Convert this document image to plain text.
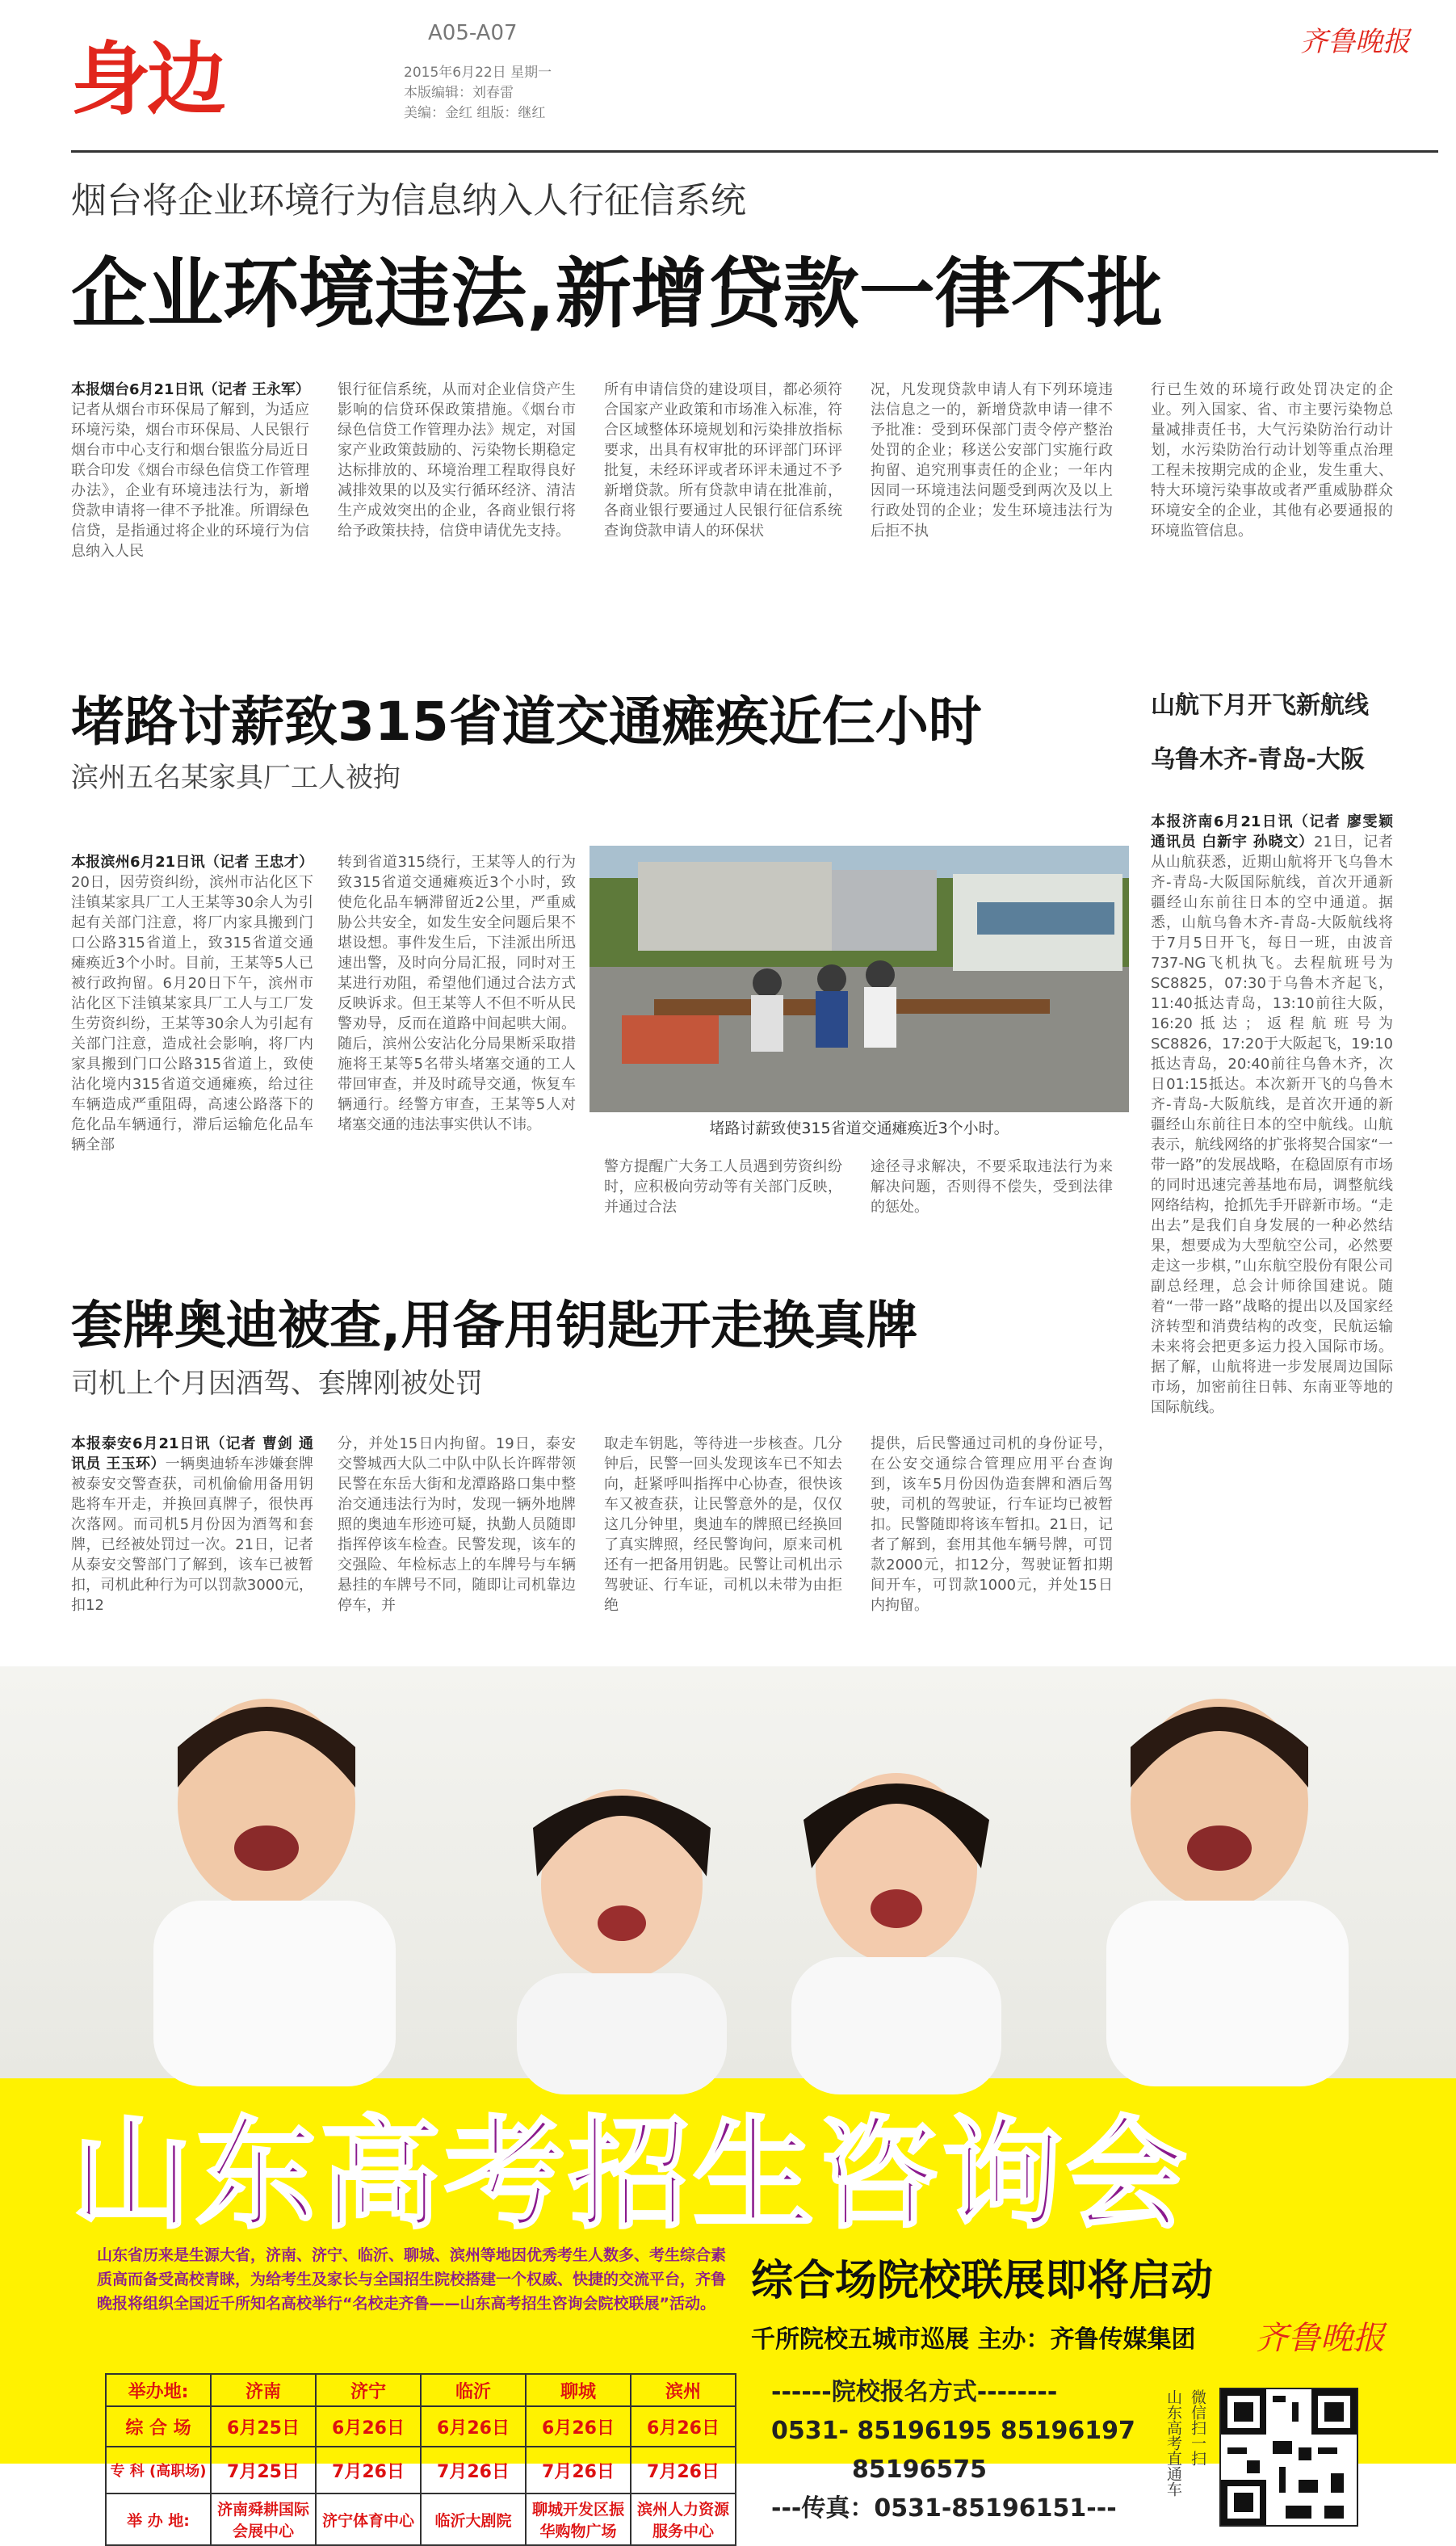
身边	A05-A07
2015年6月22日 星期一
本版编辑：刘春雷
美编：金红 组版：继红
齐鲁晚报
烟台将企业环境行为信息纳入人行征信系统
企业环境违法,新增贷款一律不批
本报烟台6月21日讯（记者 王永军）记者从烟台市环保局了解到，为适应环境污染，烟台市环保局、人民银行烟台市中心支行和烟台银监分局近日联合印发《烟台市绿色信贷工作管理办法》，企业有环境违法行为，新增贷款申请将一律不予批准。所谓绿色信贷，是指通过将企业的环境行为信息纳入人民
银行征信系统，从而对企业信贷产生影响的信贷环保政策措施。《烟台市绿色信贷工作管理办法》规定，对国家产业政策鼓励的、污染物长期稳定达标排放的、环境治理工程取得良好减排效果的以及实行循环经济、清洁生产成效突出的企业，各商业银行将给予政策扶持，信贷申请优先支持。
所有申请信贷的建设项目，都必须符合国家产业政策和市场准入标准，符合区域整体环境规划和污染排放指标要求，出具有权审批的环评部门环评批复，未经环评或者环评未通过不予新增贷款。所有贷款申请在批准前，各商业银行要通过人民银行征信系统查询贷款申请人的环保状
况，凡发现贷款申请人有下列环境违法信息之一的，新增贷款申请一律不予批准：受到环保部门责令停产整治处罚的企业；移送公安部门实施行政拘留、追究刑事责任的企业；一年内因同一环境违法问题受到两次及以上行政处罚的企业；发生环境违法行为后拒不执
行已生效的环境行政处罚决定的企业。列入国家、省、市主要污染物总量减排责任书，大气污染防治行动计划，水污染防治行动计划等重点治理工程未按期完成的企业，发生重大、特大环境污染事故或者严重威胁群众环境安全的企业，其他有必要通报的环境监管信息。
堵路讨薪致315省道交通瘫痪近仨小时
滨州五名某家具厂工人被拘
本报滨州6月21日讯（记者 王忠才）20日，因劳资纠纷，滨州市沾化区下洼镇某家具厂工人王某等30余人为引起有关部门注意，将厂内家具搬到门口公路315省道上，致315省道交通瘫痪近3个小时。目前，王某等5人已被行政拘留。6月20日下午，滨州市沾化区下洼镇某家具厂工人与工厂发生劳资纠纷，王某等30余人为引起有关部门注意，造成社会影响，将厂内家具搬到门口公路315省道上，致使沾化境内315省道交通瘫痪，给过往车辆造成严重阻碍，高速公路落下的危化品车辆通行，滞后运输危化品车辆全部
转到省道315绕行，王某等人的行为致315省道交通瘫痪近3个小时，致使危化品车辆滞留近2公里，严重威胁公共安全，如发生安全问题后果不堪设想。事件发生后，下洼派出所迅速出警，及时向分局汇报，同时对王某进行劝阻，希望他们通过合法方式反映诉求。但王某等人不但不听从民警劝导，反而在道路中间起哄大闹。随后，滨州公安沾化分局果断采取措施将王某等5名带头堵塞交通的工人带回审查，并及时疏导交通，恢复车辆通行。经警方审查，王某等5人对堵塞交通的违法事实供认不讳。	堵路讨薪致使315省道交通瘫痪近3个小时。
警方提醒广大务工人员遇到劳资纠纷时，应积极向劳动等有关部门反映，并通过合法
途径寻求解决，不要采取违法行为来解决问题，否则得不偿失，受到法律的惩处。
山航下月开飞新航线
乌鲁木齐-青岛-大阪
本报济南6月21日讯（记者 廖雯颖 通讯员 白新宇 孙晓文）21日，记者从山航获悉，近期山航将开飞乌鲁木齐-青岛-大阪国际航线，首次开通新疆经山东前往日本的空中通道。据悉，山航乌鲁木齐-青岛-大阪航线将于7月5日开飞，每日一班，由波音737-NG飞机执飞。去程航班号为SC8825，07:30于乌鲁木齐起飞，11:40抵达青岛，13:10前往大阪，16:20抵达；返程航班号为SC8826，17:20于大阪起飞，19:10抵达青岛，20:40前往乌鲁木齐，次日01:15抵达。本次新开飞的乌鲁木齐-青岛-大阪航线，是首次开通的新疆经山东前往日本的空中航线。山航表示，航线网络的扩张将契合国家“一带一路”的发展战略，在稳固原有市场的同时迅速完善基地布局，调整航线网络结构，抢抓先手开辟新市场。“走出去”是我们自身发展的一种必然结果，想要成为大型航空公司，必然要走这一步棋，”山东航空股份有限公司副总经理，总会计师徐国建说。随着“一带一路”战略的提出以及国家经济转型和消费结构的改变，民航运输未来将会把更多运力投入国际市场。据了解，山航将进一步发展周边国际市场，加密前往日韩、东南亚等地的国际航线。
套牌奥迪被查,用备用钥匙开走换真牌
司机上个月因酒驾、套牌刚被处罚
本报泰安6月21日讯（记者 曹剑 通讯员 王玉环）一辆奥迪轿车涉嫌套牌被泰安交警查获，司机偷偷用备用钥匙将车开走，并换回真牌子，很快再次落网。而司机5月份因为酒驾和套牌，已经被处罚过一次。21日，记者从泰安交警部门了解到，该车已被暂扣，司机此种行为可以罚款3000元，扣12
分，并处15日内拘留。19日，泰安交警城西大队二中队中队长许晖带领民警在东岳大街和龙潭路路口集中整治交通违法行为时，发现一辆外地牌照的奥迪车形迹可疑，执勤人员随即指挥停该车检查。民警发现，该车的交强险、年检标志上的车牌号与车辆悬挂的车牌号不同，随即让司机靠边停车，并
取走车钥匙，等待进一步核查。几分钟后，民警一回头发现该车已不知去向，赶紧呼叫指挥中心协查，很快该车又被查获，让民警意外的是，仅仅这几分钟里，奥迪车的牌照已经换回了真实牌照，经民警询问，原来司机还有一把备用钥匙。民警让司机出示驾驶证、行车证，司机以未带为由拒绝
提供，后民警通过司机的身份证号，在公安交通综合管理应用平台查询到，该车5月份因伪造套牌和酒后驾驶，司机的驾驶证，行车证均已被暂扣。民警随即将该车暂扣。21日，记者了解到，套用其他车辆号牌，可罚款2000元，扣12分，驾驶证暂扣期间开车，可罚款1000元，并处15日内拘留。
山东高考招生咨询会
山东省历来是生源大省，济南、济宁、临沂、聊城、滨州等地因优秀考生人数多、考生综合素质高而备受高校青睐，为给考生及家长与全国招生院校搭建一个权威、快捷的交流平台，齐鲁晚报将组织全国近千所知名高校举行“名校走齐鲁——山东高考招生咨询会院校联展”活动。 综合场院校联展即将启动
千所院校五城市巡展 主办：齐鲁传媒集团 齐鲁晚报
举办地:	济南	济宁	临沂	聊城	滨州
综 合 场	6月25日	6月26日	6月26日	6月26日	6月26日
专 科 (高职场)	7月25日	7月26日	7月26日	7月26日	7月26日
举 办 地:	济南舜耕国际会展中心	济宁体育中心	临沂大剧院	聊城开发区振华购物广场	滨州人力资源服务中心
------院校报名方式--------
0531- 85196195 85196197
85196575
---传真：0531-85196151---
山东高考直通车 微信扫一扫
